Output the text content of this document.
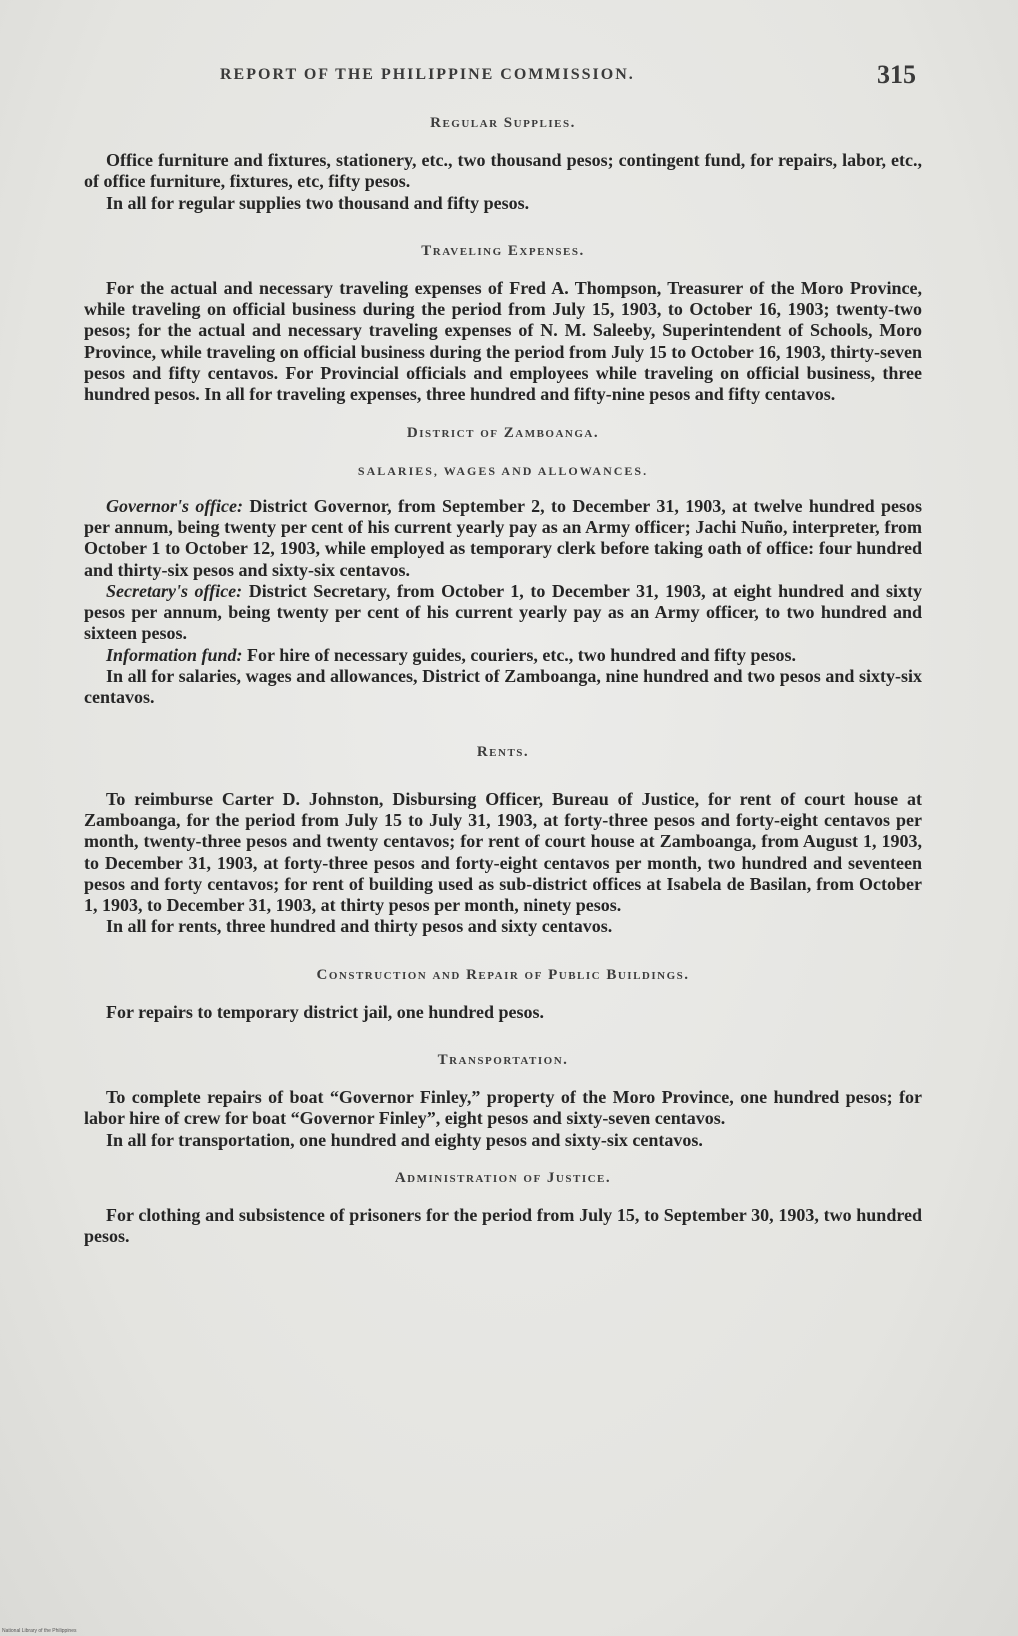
REPORT OF THE PHILIPPINE COMMISSION.	315
Regular Supplies.

Office furniture and fixtures, stationery, etc., two thousand pesos; contingent fund, for repairs, labor, etc., of office furniture, fixtures, etc, fifty pesos.

In all for regular supplies two thousand and fifty pesos.

Traveling Expenses.

For the actual and necessary traveling expenses of Fred A. Thompson, Treasurer of the Moro Province, while traveling on official business during the period from July 15, 1903, to October 16, 1903; twenty-two pesos; for the actual and necessary traveling expenses of N. M. Saleeby, Superintendent of Schools, Moro Province, while traveling on official business during the period from July 15 to October 16, 1903, thirty-seven pesos and fifty centavos. For Provincial officials and employees while traveling on official business, three hundred pesos. In all for traveling expenses, three hundred and fifty-nine pesos and fifty centavos.

District of Zamboanga.
SALARIES, WAGES AND ALLOWANCES.

Governor's office: District Governor, from September 2, to December 31, 1903, at twelve hundred pesos per annum, being twenty per cent of his current yearly pay as an Army officer; Jachi Nuño, interpreter, from October 1 to October 12, 1903, while employed as temporary clerk before taking oath of office: four hundred and thirty-six pesos and sixty-six centavos.

Secretary's office: District Secretary, from October 1, to December 31, 1903, at eight hundred and sixty pesos per annum, being twenty per cent of his current yearly pay as an Army officer, to two hundred and sixteen pesos.

Information fund: For hire of necessary guides, couriers, etc., two hundred and fifty pesos.

In all for salaries, wages and allowances, District of Zamboanga, nine hundred and two pesos and sixty-six centavos.

Rents.

To reimburse Carter D. Johnston, Disbursing Officer, Bureau of Justice, for rent of court house at Zamboanga, for the period from July 15 to July 31, 1903, at forty-three pesos and forty-eight centavos per month, twenty-three pesos and twenty centavos; for rent of court house at Zamboanga, from August 1, 1903, to December 31, 1903, at forty-three pesos and forty-eight centavos per month, two hundred and seventeen pesos and forty centavos; for rent of building used as sub-district offices at Isabela de Basilan, from October 1, 1903, to December 31, 1903, at thirty pesos per month, ninety pesos.

In all for rents, three hundred and thirty pesos and sixty centavos.

Construction and Repair of Public Buildings.

For repairs to temporary district jail, one hundred pesos.

Transportation.

To complete repairs of boat “Governor Finley,” property of the Moro Province, one hundred pesos; for labor hire of crew for boat “Governor Finley”, eight pesos and sixty-seven centavos.

In all for transportation, one hundred and eighty pesos and sixty-six centavos.

Administration of Justice.

For clothing and subsistence of prisoners for the period from July 15, to September 30, 1903, two hundred pesos.

National Library of the Philippines
